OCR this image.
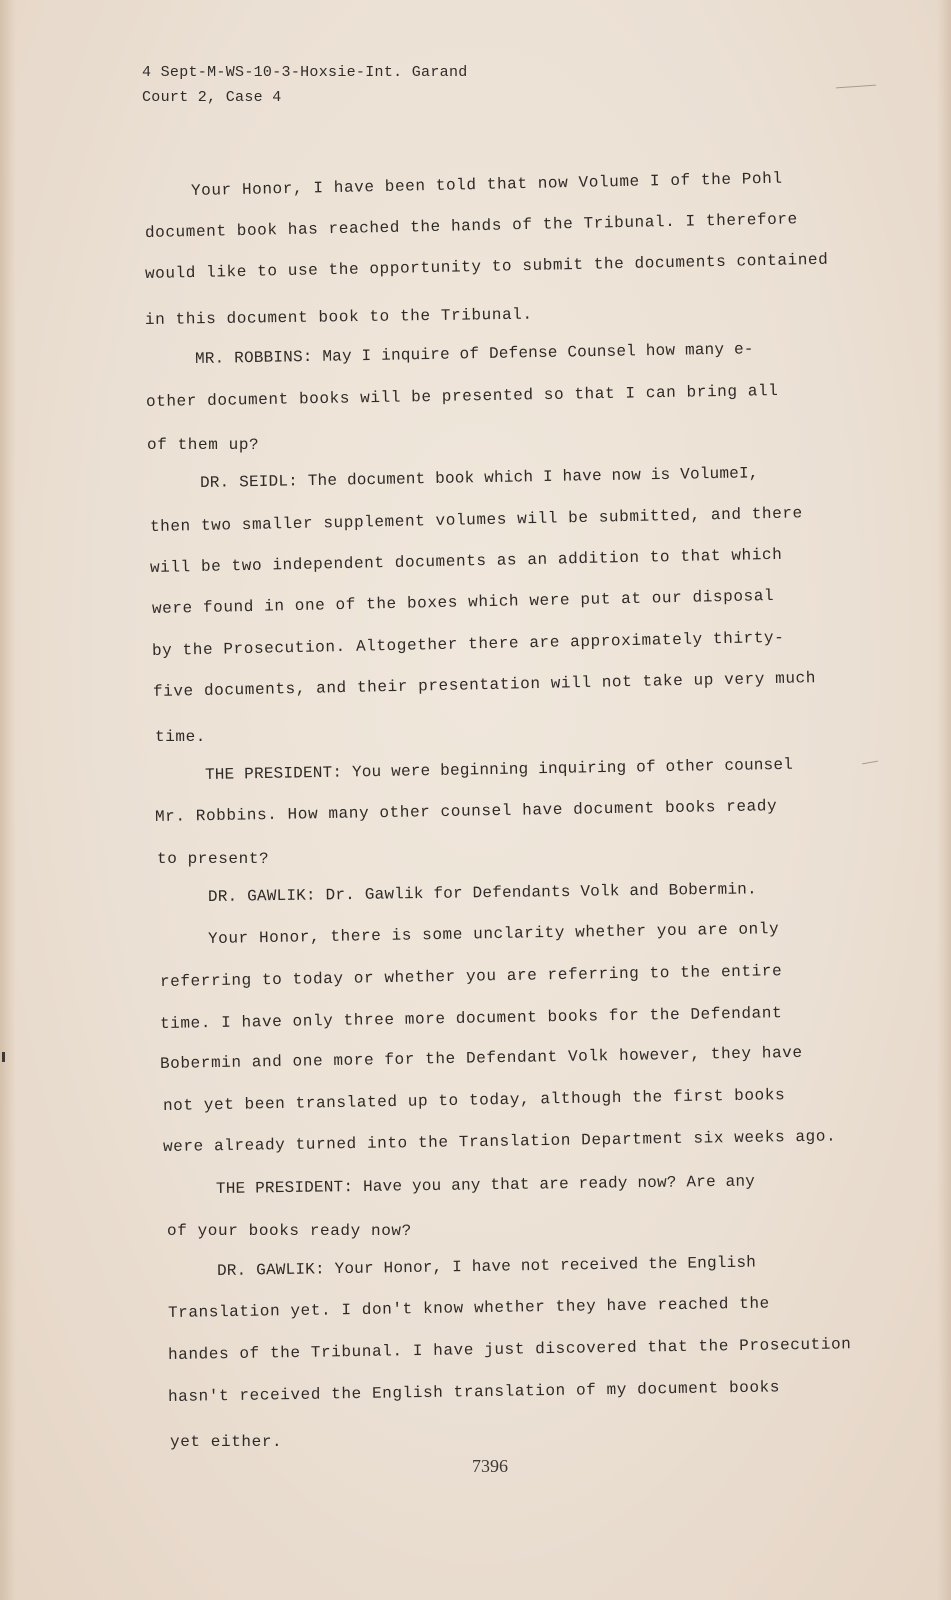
4 Sept-M-WS-10-3-Hoxsie-Int. Garand
Court 2, Case 4
Your Honor, I have been told that now Volume I of the Pohl
document book has reached the hands of the Tribunal. I therefore
would like to use the opportunity to submit the documents contained
in this document book to the Tribunal.
MR. ROBBINS: May I inquire of Defense Counsel how many e-
other document books will be presented so that I can bring all
of them up?
DR. SEIDL: The document book which I have now is VolumeI,
then two smaller supplement volumes will be submitted, and there
will be two independent documents as an addition to that which
were found in one of the boxes which were put at our disposal
by the Prosecution. Altogether there are approximately thirty-
five documents, and their presentation will not take up very much
time.
THE PRESIDENT: You were beginning inquiring of other counsel
Mr. Robbins. How many other counsel have document books ready
to present?
DR. GAWLIK: Dr. Gawlik for Defendants Volk and Bobermin.
Your Honor, there is some unclarity whether you are only
referring to today or whether you are referring to the entire
time. I have only three more document books for the Defendant
Bobermin and one more for the Defendant Volk however, they have
not yet been translated up to today, although the first books
were already turned into the Translation Department six weeks ago.
THE PRESIDENT: Have you any that are ready now? Are any
of your books ready now?
DR. GAWLIK: Your Honor, I have not received the English
Translation yet. I don't know whether they have reached the
handes of the Tribunal. I have just discovered that the Prosecution
hasn't received the English translation of my document books
yet either.
7396
